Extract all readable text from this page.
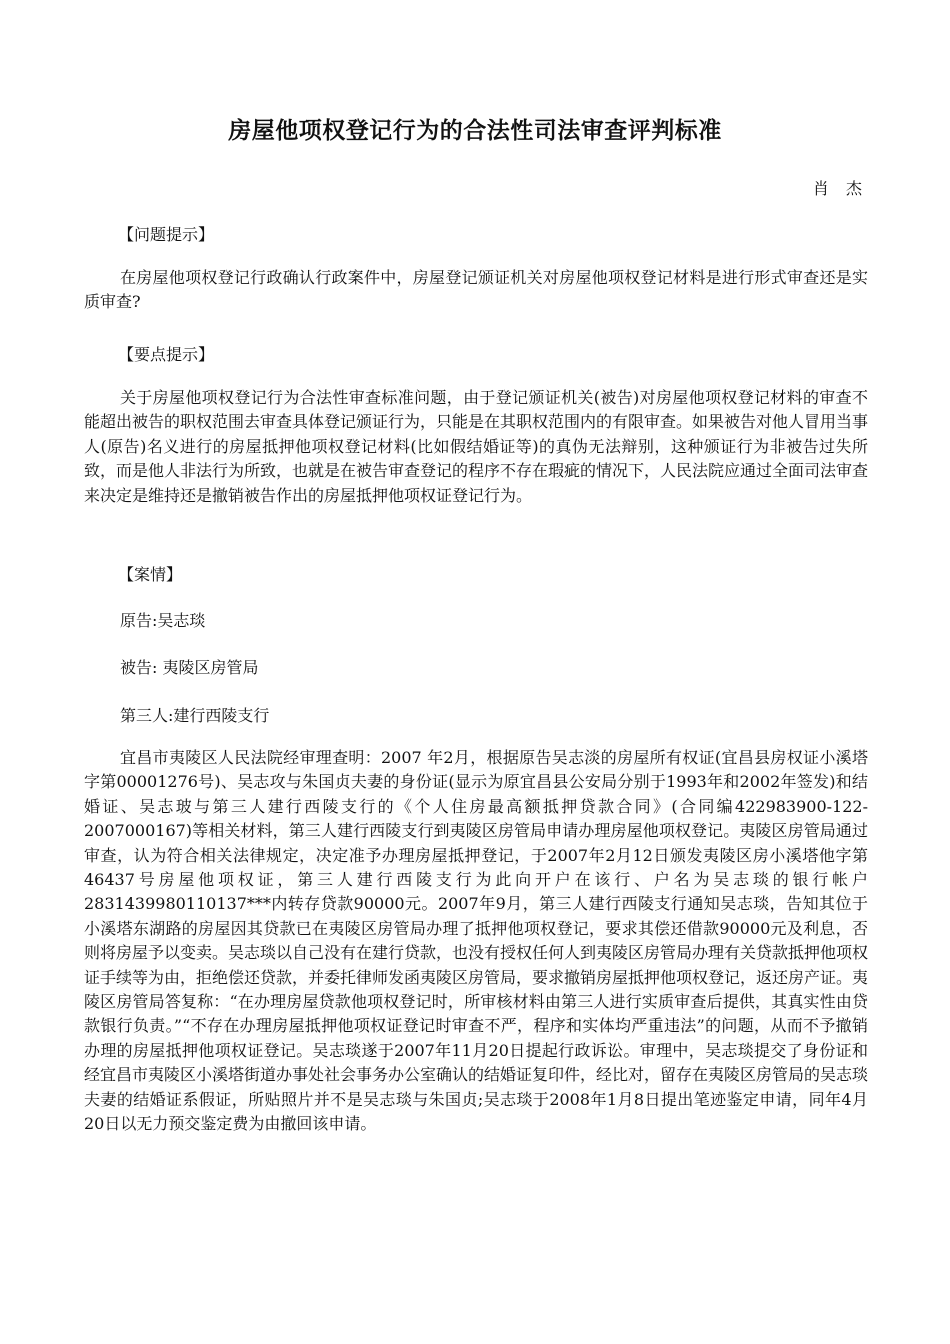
房屋他项权登记行为的合法性司法审查评判标准
肖 杰
【问题提示】
在房屋他项权登记行政确认行政案件中，房屋登记颁证机关对房屋他项权登记材料是进行形式审查还是实质审查?
【要点提示】
关于房屋他项权登记行为合法性审查标准问题，由于登记颁证机关(被告)对房屋他项权登记材料的审查不能超出被告的职权范围去审查具体登记颁证行为，只能是在其职权范围内的有限审查。如果被告对他人冒用当事人(原告)名义进行的房屋抵押他项权登记材料(比如假结婚证等)的真伪无法辩别，这种颁证行为非被告过失所致，而是他人非法行为所致，也就是在被告审查登记的程序不存在瑕疵的情况下，人民法院应通过全面司法审查来决定是维持还是撤销被告作出的房屋抵押他项权证登记行为。
【案情】
原告:吴志琰
被告: 夷陵区房管局
第三人:建行西陵支行
宜昌市夷陵区人民法院经审理查明：2007 年2月，根据原告吴志淡的房屋所有权证(宜昌县房权证小溪塔字第00001276号)、吴志攻与朱国贞夫妻的身份证(显示为原宜昌县公安局分别于1993年和2002年签发)和结婚证、吴志玻与第三人建行西陵支行的《个人住房最高额抵押贷款合同》(合同编422983900-122-2007000167)等相关材料，第三人建行西陵支行到夷陵区房管局申请办理房屋他项权登记。夷陵区房管局通过审查，认为符合相关法律规定，决定准予办理房屋抵押登记，于2007年2月12日颁发夷陵区房小溪塔他字第46437号房屋他项权证，第三人建行西陵支行为此向开户在该行、户名为吴志琰的银行帐户2831439980110137***内转存贷款90000元。2007年9月，第三人建行西陵支行通知吴志琰，告知其位于小溪塔东湖路的房屋因其贷款已在夷陵区房管局办理了抵押他项权登记，要求其偿还借款90000元及利息，否则将房屋予以变卖。吴志琰以自己没有在建行贷款，也没有授权任何人到夷陵区房管局办理有关贷款抵押他项权证手续等为由，拒绝偿还贷款，并委托律师发函夷陵区房管局，要求撤销房屋抵押他项权登记，返还房产证。夷陵区房管局答复称：“在办理房屋贷款他项权登记时，所审核材料由第三人进行实质审查后提供，其真实性由贷款银行负责。”“不存在办理房屋抵押他项权证登记时审查不严，程序和实体均严重违法”的问题，从而不予撤销办理的房屋抵押他项权证登记。吴志琰遂于2007年11月20日提起行政诉讼。审理中，吴志琰提交了身份证和经宜昌市夷陵区小溪塔街道办事处社会事务办公室确认的结婚证复印件，经比对，留存在夷陵区房管局的吴志琰夫妻的结婚证系假证，所贴照片并不是吴志琰与朱国贞;吴志琰于2008年1月8日提出笔迹鉴定申请，同年4月20日以无力预交鉴定费为由撤回该申请。
